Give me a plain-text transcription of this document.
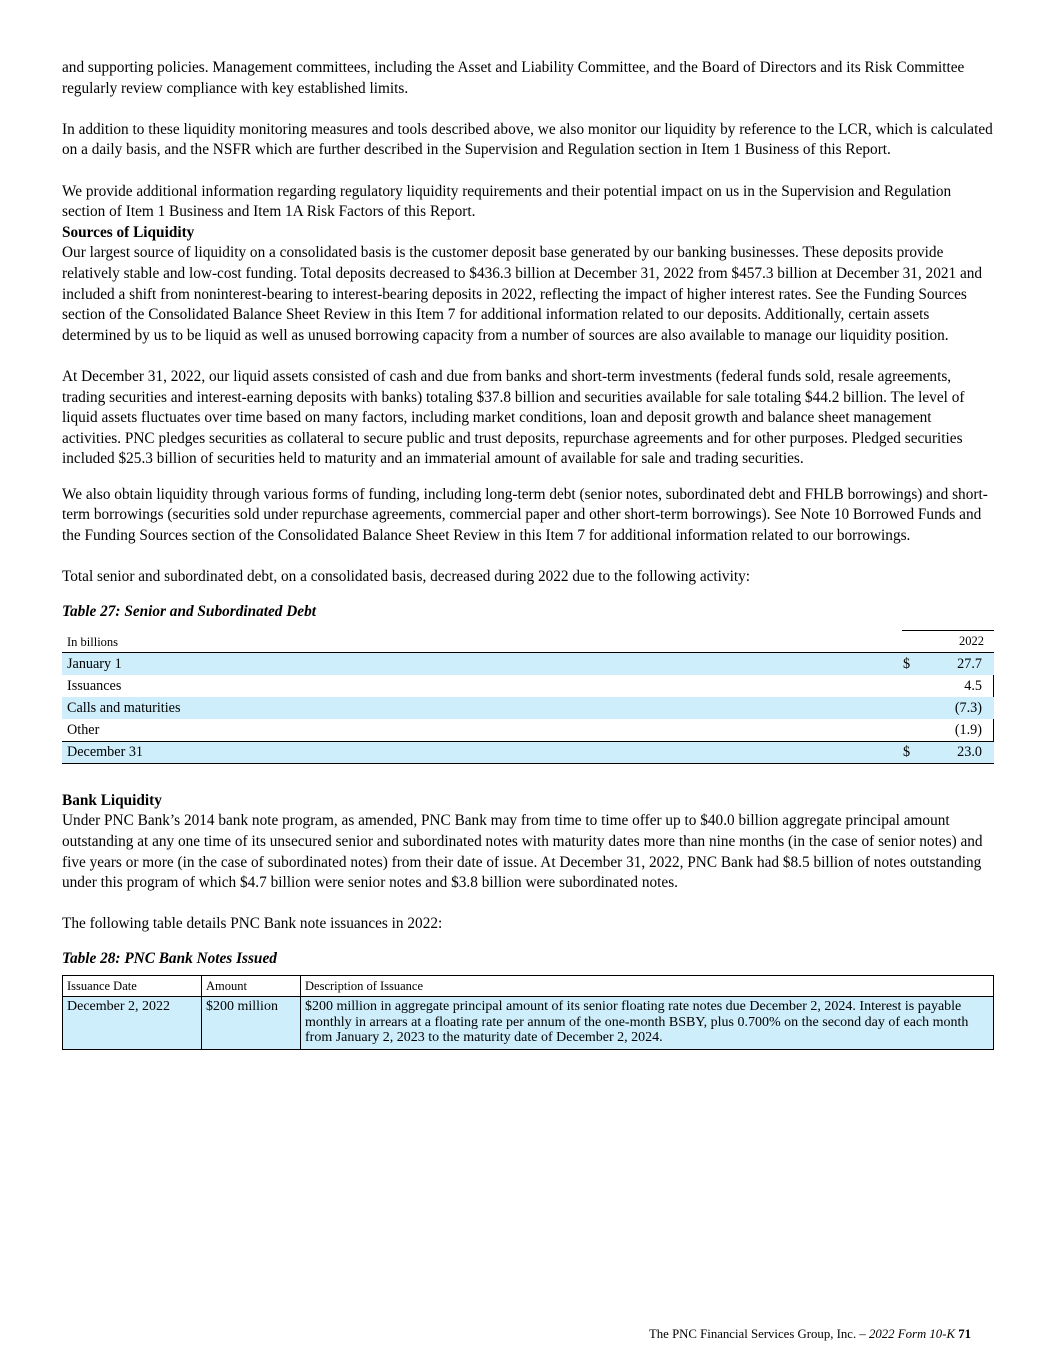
and supporting policies. Management committees, including the Asset and Liability Committee, and the Board of Directors and its Risk Committee regularly review compliance with key established limits.

In addition to these liquidity monitoring measures and tools described above, we also monitor our liquidity by reference to the LCR, which is calculated on a daily basis, and the NSFR which are further described in the Supervision and Regulation section in Item 1 Business of this Report.

We provide additional information regarding regulatory liquidity requirements and their potential impact on us in the Supervision and Regulation section of Item 1 Business and Item 1A Risk Factors of this Report.

Sources of Liquidity

Our largest source of liquidity on a consolidated basis is the customer deposit base generated by our banking businesses. These deposits provide relatively stable and low-cost funding. Total deposits decreased to $436.3 billion at December 31, 2022 from $457.3 billion at December 31, 2021 and included a shift from noninterest-bearing to interest-bearing deposits in 2022, reflecting the impact of higher interest rates. See the Funding Sources section of the Consolidated Balance Sheet Review in this Item 7 for additional information related to our deposits. Additionally, certain assets determined by us to be liquid as well as unused borrowing capacity from a number of sources are also available to manage our liquidity position.

At December 31, 2022, our liquid assets consisted of cash and due from banks and short-term investments (federal funds sold, resale agreements, trading securities and interest-earning deposits with banks) totaling $37.8 billion and securities available for sale totaling $44.2 billion. The level of liquid assets fluctuates over time based on many factors, including market conditions, loan and deposit growth and balance sheet management activities. PNC pledges securities as collateral to secure public and trust deposits, repurchase agreements and for other purposes. Pledged securities included $25.3 billion of securities held to maturity and an immaterial amount of available for sale and trading securities.

We also obtain liquidity through various forms of funding, including long-term debt (senior notes, subordinated debt and FHLB borrowings) and short-term borrowings (securities sold under repurchase agreements, commercial paper and other short-term borrowings). See Note 10 Borrowed Funds and the Funding Sources section of the Consolidated Balance Sheet Review in this Item 7 for additional information related to our borrowings.

Total senior and subordinated debt, on a consolidated basis, decreased during 2022 due to the following activity:

Table 27: Senior and Subordinated Debt

In billions	2022
January 1	$	27.7
Issuances	4.5
Calls and maturities	(7.3)
Other	(1.9)
December 31	$	23.0

Bank Liquidity

Under PNC Bank’s 2014 bank note program, as amended, PNC Bank may from time to time offer up to $40.0 billion aggregate principal amount outstanding at any one time of its unsecured senior and subordinated notes with maturity dates more than nine months (in the case of senior notes) and five years or more (in the case of subordinated notes) from their date of issue. At December 31, 2022, PNC Bank had $8.5 billion of notes outstanding under this program of which $4.7 billion were senior notes and $3.8 billion were subordinated notes.

The following table details PNC Bank note issuances in 2022:

Table 28: PNC Bank Notes Issued

Issuance Date	Amount	Description of Issuance
December 2, 2022	$200 million	$200 million in aggregate principal amount of its senior floating rate notes due December 2, 2024. Interest is payable monthly in arrears at a floating rate per annum of the one-month BSBY, plus 0.700% on the second day of each month from January 2, 2023 to the maturity date of December 2, 2024.
The PNC Financial Services Group, Inc. – 2022 Form 10-K 71
